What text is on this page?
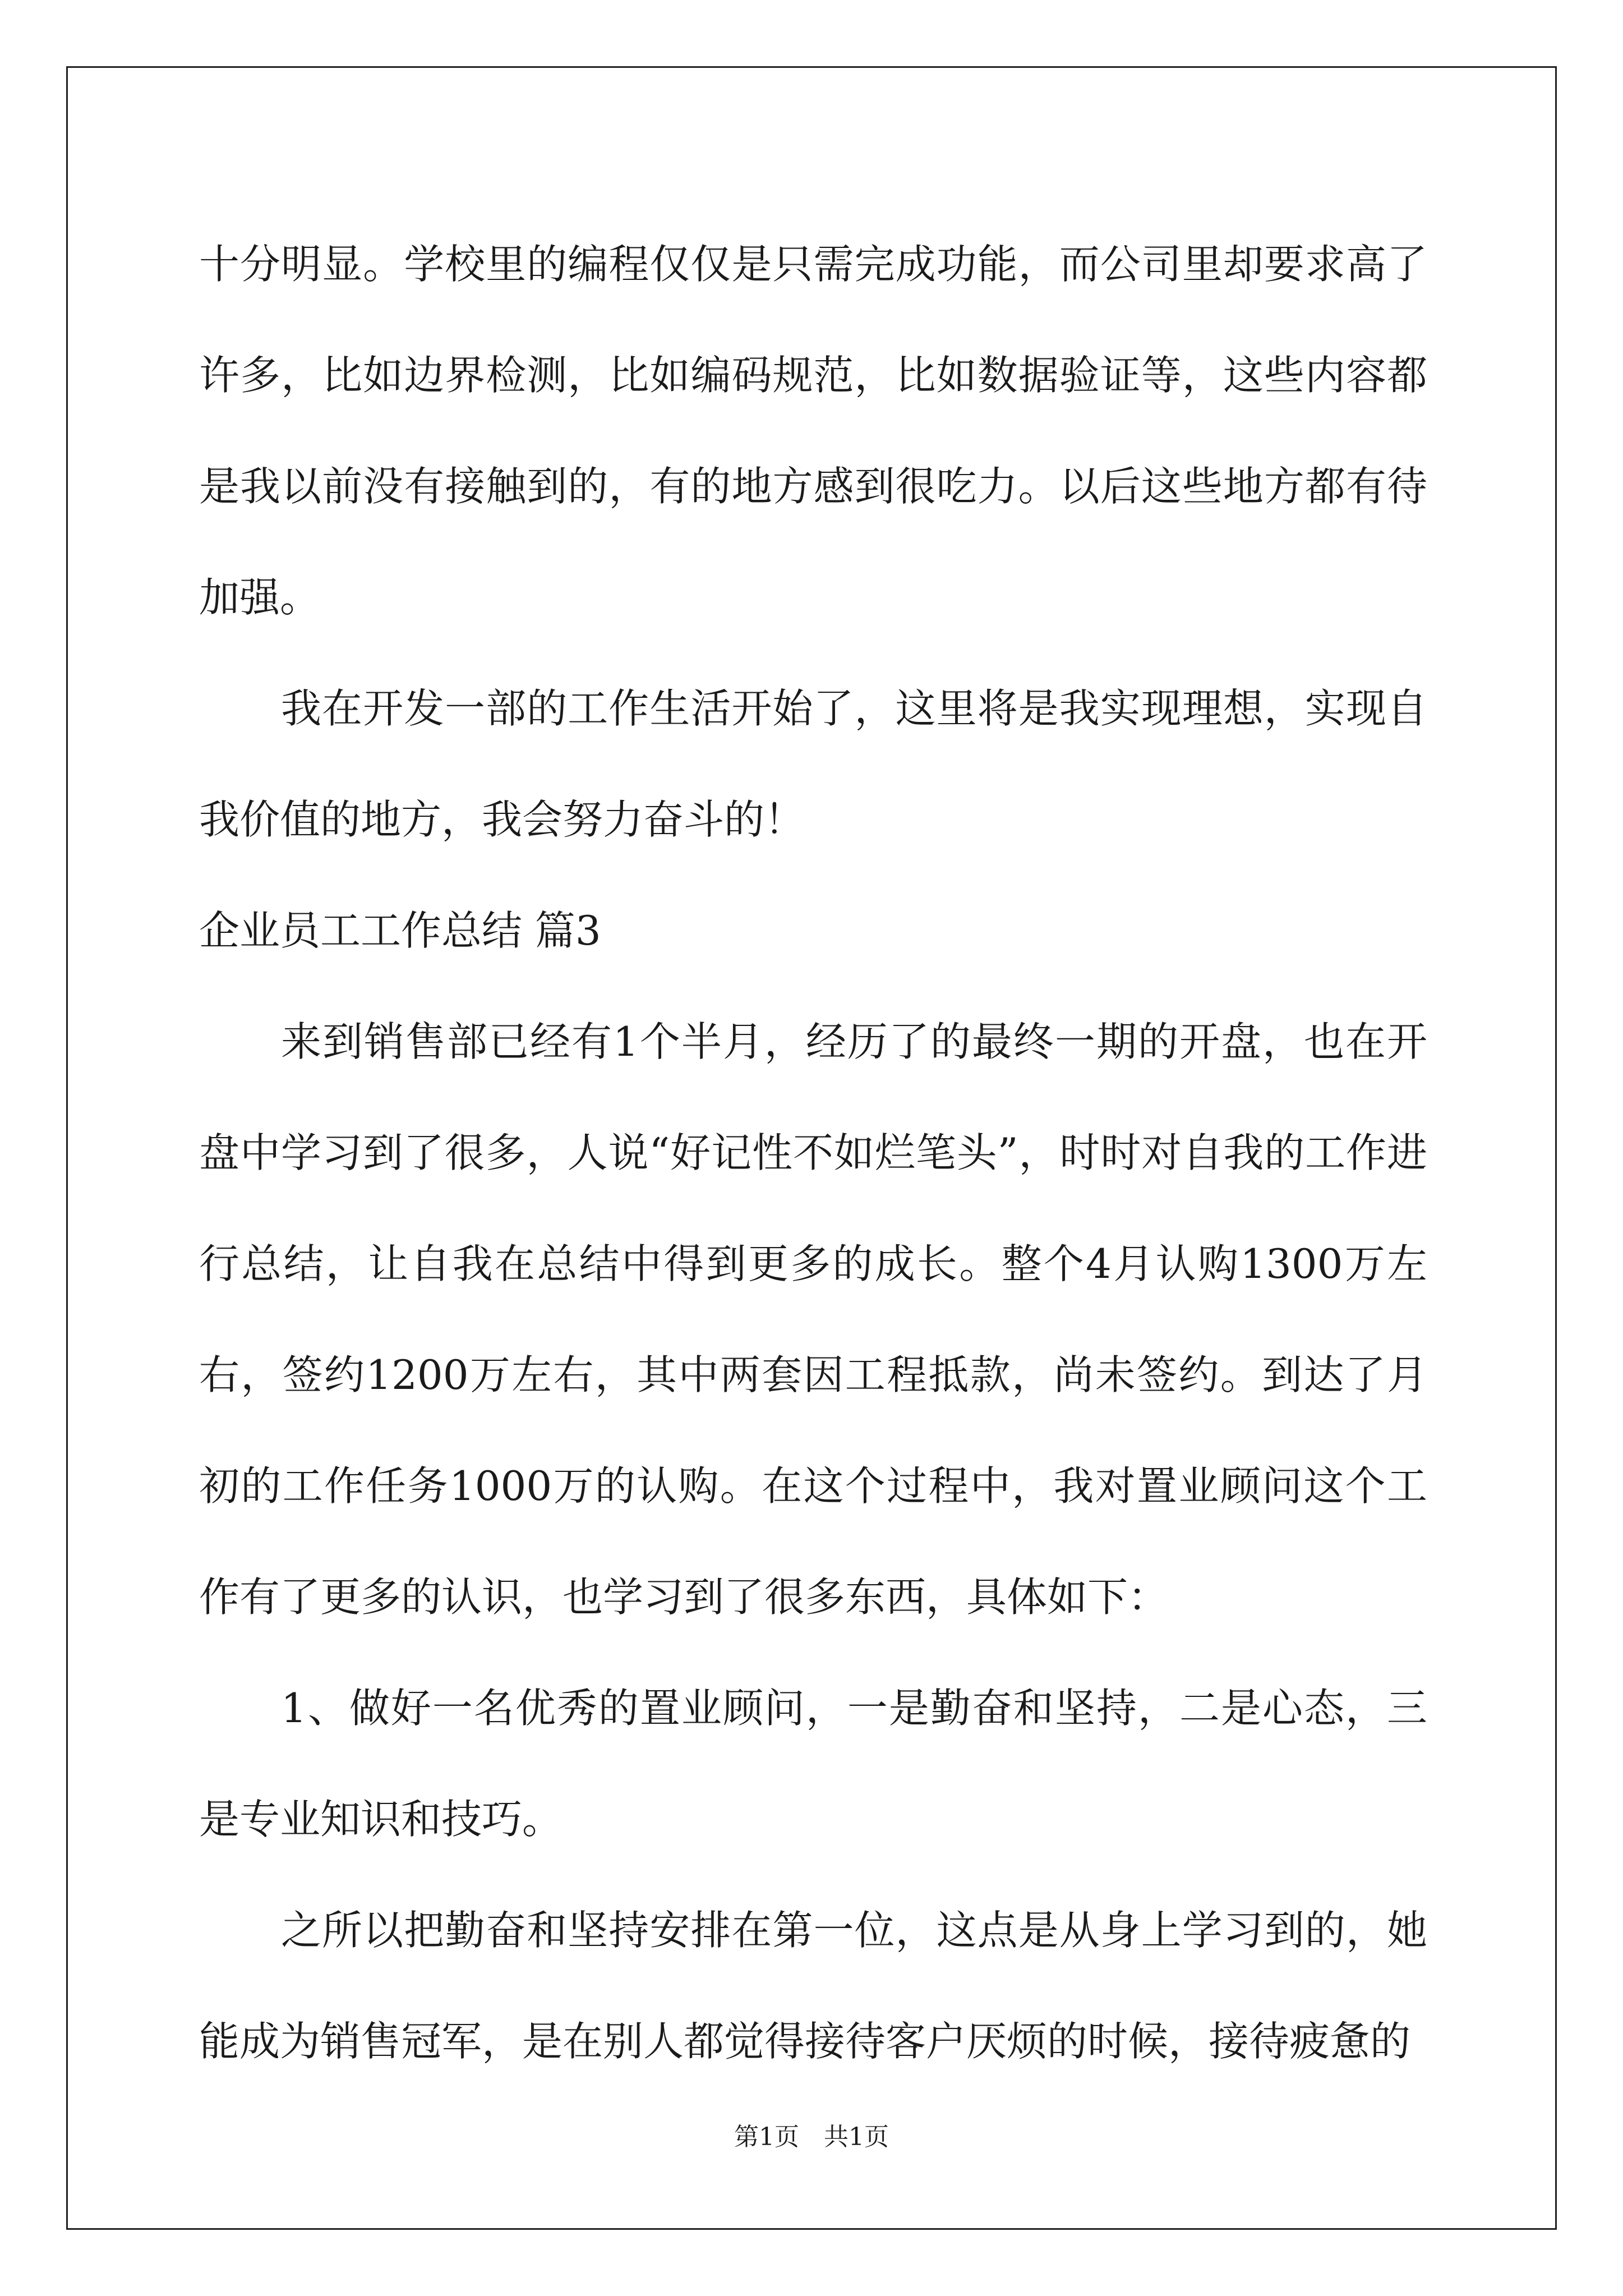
十分明显。学校里的编程仅仅是只需完成功能，而公司里却要求高了许多，比如边界检测，比如编码规范，比如数据验证等，这些内容都是我以前没有接触到的，有的地方感到很吃力。以后这些地方都有待加强。

我在开发一部的工作生活开始了，这里将是我实现理想，实现自我价值的地方，我会努力奋斗的！

企业员工工作总结 篇3

来到销售部已经有1个半月，经历了的最终一期的开盘，也在开盘中学习到了很多，人说“好记性不如烂笔头”，时时对自我的工作进行总结，让自我在总结中得到更多的成长。整个4月认购1300万左右，签约1200万左右，其中两套因工程抵款，尚未签约。到达了月初的工作任务1000万的认购。在这个过程中，我对置业顾问这个工作有了更多的认识，也学习到了很多东西，具体如下：

1、做好一名优秀的置业顾问，一是勤奋和坚持，二是心态，三是专业知识和技巧。

之所以把勤奋和坚持安排在第一位，这点是从身上学习到的，她能成为销售冠军，是在别人都觉得接待客户厌烦的时候，接待疲惫的

第1页　共1页
